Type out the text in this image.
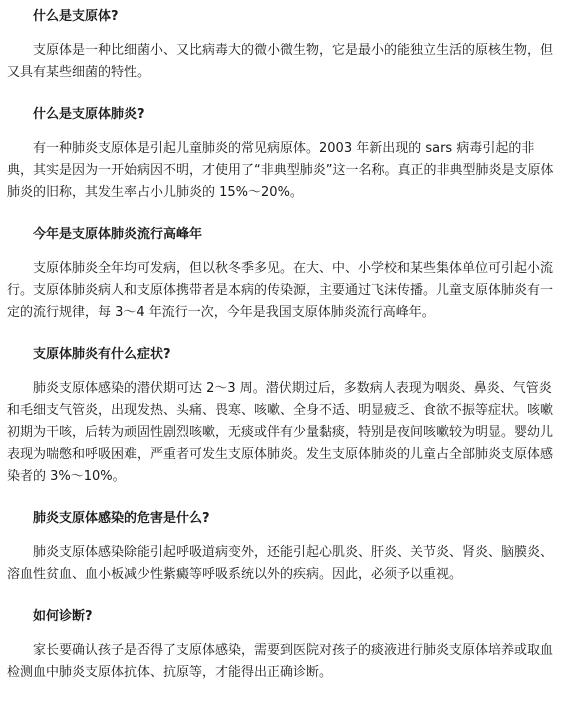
什么是支原体?

支原体是一种比细菌小、又比病毒大的微小微生物，它是最小的能独立生活的原核生物，但又具有某些细菌的特性。

什么是支原体肺炎?

有一种肺炎支原体是引起儿童肺炎的常见病原体。2003 年新出现的 sars 病毒引起的非典，其实是因为一开始病因不明，才使用了“非典型肺炎”这一名称。真正的非典型肺炎是支原体肺炎的旧称，其发生率占小儿肺炎的 15%～20%。

今年是支原体肺炎流行高峰年

支原体肺炎全年均可发病，但以秋冬季多见。在大、中、小学校和某些集体单位可引起小流行。支原体肺炎病人和支原体携带者是本病的传染源，主要通过飞沫传播。儿童支原体肺炎有一定的流行规律，每 3～4 年流行一次，今年是我国支原体肺炎流行高峰年。

支原体肺炎有什么症状?

肺炎支原体感染的潜伏期可达 2～3 周。潜伏期过后，多数病人表现为咽炎、鼻炎、气管炎和毛细支气管炎，出现发热、头痛、畏寒、咳嗽、全身不适、明显疲乏、食欲不振等症状。咳嗽初期为干咳，后转为顽固性剧烈咳嗽，无痰或伴有少量黏痰，特别是夜间咳嗽较为明显。婴幼儿表现为喘憋和呼吸困难，严重者可发生支原体肺炎。发生支原体肺炎的儿童占全部肺炎支原体感染者的 3%～10%。

肺炎支原体感染的危害是什么?

肺炎支原体感染除能引起呼吸道病变外，还能引起心肌炎、肝炎、关节炎、肾炎、脑膜炎、溶血性贫血、血小板减少性紫癜等呼吸系统以外的疾病。因此，必须予以重视。

如何诊断?

家长要确认孩子是否得了支原体感染，需要到医院对孩子的痰液进行肺炎支原体培养或取血检测血中肺炎支原体抗体、抗原等，才能得出正确诊断。
